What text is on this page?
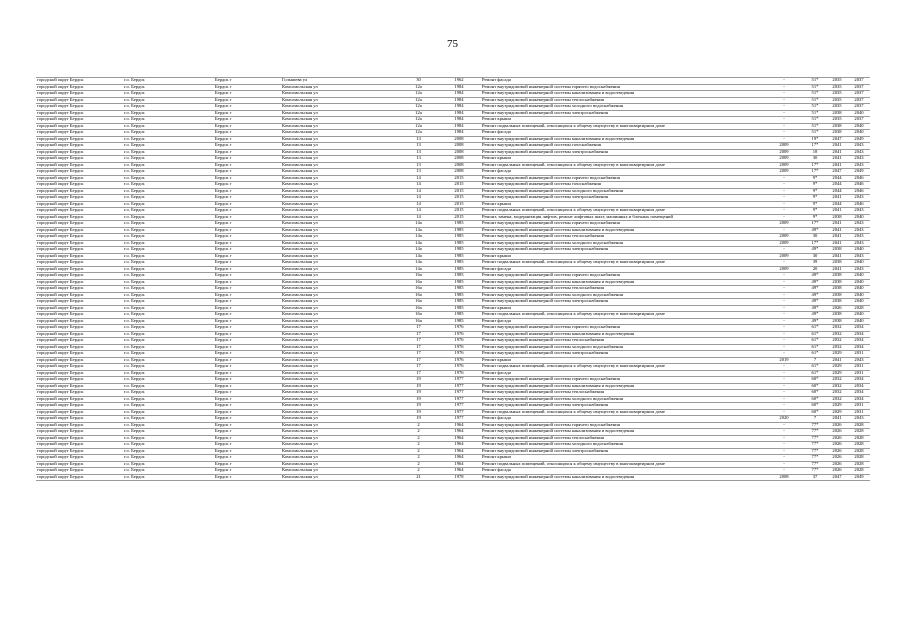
75
городской округ Бердск	г.о. Бердск	Бердск г	Голышева ул	30	1962	Ремонт фасада	-	51*	2035	2037
городской округ Бердск	г.о. Бердск	Бердск г	Комсомольская ул	12а	1984	Ремонт внутридомовой инженерной системы горячего водоснабжения	-	51*	2035	2037
городской округ Бердск	г.о. Бердск	Бердск г	Комсомольская ул	12а	1984	Ремонт внутридомовой инженерной системы канализования и водоотведения	-	51*	2035	2037
городской округ Бердск	г.о. Бердск	Бердск г	Комсомольская ул	12а	1984	Ремонт внутридомовой инженерной системы теплоснабжения	-	51*	2035	2037
городской округ Бердск	г.о. Бердск	Бердск г	Комсомольская ул	12а	1984	Ремонт внутридомовой инженерной системы холодного водоснабжения	-	51*	2035	2037
городской округ Бердск	г.о. Бердск	Бердск г	Комсомольская ул	12а	1984	Ремонт внутридомовой инженерной системы электроснабжения	-	51*	2038	2040
городской округ Бердск	г.о. Бердск	Бердск г	Комсомольская ул	12а	1984	Ремонт крыши	-	51*	2035	2037
городской округ Бердск	г.о. Бердск	Бердск г	Комсомольская ул	12а	1984	Ремонт подвальных помещений, относящихся к общему имуществу в многоквартирном доме	-	51*	2038	2040
городской округ Бердск	г.о. Бердск	Бердск г	Комсомольская ул	12а	1984	Ремонт фасада	-	51*	2038	2040
городской округ Бердск	г.о. Бердск	Бердск г	Комсомольская ул	13	2008	Ремонт внутридомовой инженерной системы канализования и водоотведения	-	19*	2047	2049
городской округ Бердск	г.о. Бердск	Бердск г	Комсомольская ул	13	2008	Ремонт внутридомовой инженерной системы газоснабжения	2009	17*	2041	2043
городской округ Бердск	г.о. Бердск	Бердск г	Комсомольская ул	13	2008	Ремонт внутридомовой инженерной системы электроснабжения	2009	18	2041	2043
городской округ Бердск	г.о. Бердск	Бердск г	Комсомольская ул	13	2008	Ремонт крыши	2009	30	2041	2043
городской округ Бердск	г.о. Бердск	Бердск г	Комсомольская ул	13	2008	Ремонт подвальных помещений, относящихся к общему имуществу в многоквартирном доме	2009	17*	2041	2043
городской округ Бердск	г.о. Бердск	Бердск г	Комсомольская ул	13	2008	Ремонт фасада	2009	17*	2047	2049
городской округ Бердск	г.о. Бердск	Бердск г	Комсомольская ул	14	2015	Ремонт внутридомовой инженерной системы горячего водоснабжения	-	9*	2044	2046
городской округ Бердск	г.о. Бердск	Бердск г	Комсомольская ул	14	2015	Ремонт внутридомовой инженерной системы газоснабжения	-	9*	2044	2046
городской округ Бердск	г.о. Бердск	Бердск г	Комсомольская ул	14	2015	Ремонт внутридомовой инженерной системы холодного водоснабжения	-	9*	2044	2046
городской округ Бердск	г.о. Бердск	Бердск г	Комсомольская ул	14	2015	Ремонт внутридомовой инженерной системы электроснабжения	-	9*	2041	2043
городской округ Бердск	г.о. Бердск	Бердск г	Комсомольская ул	14	2015	Ремонт крыши	-	9*	2044	2046
городской округ Бердск	г.о. Бердск	Бердск г	Комсомольская ул	14	2015	Ремонт подвальных помещений, относящихся к общему имуществу в многоквартирном доме	-	9*	2041	2043
городской округ Бердск	г.о. Бердск	Бердск г	Комсомольская ул	14	2015	Ремонт, замена, модернизация лифтов, ремонт лифтовых шахт, машинных и блочных помещений	-	9*	2038	2040
городской округ Бердск	г.о. Бердск	Бердск г	Комсомольская ул	14а	1985	Ремонт внутридомовой инженерной системы горячего водоснабжения	2009	17*	2041	2043
городской округ Бердск	г.о. Бердск	Бердск г	Комсомольская ул	14а	1985	Ремонт внутридомовой инженерной системы канализования и водоотведения	-	49*	2041	2043
городской округ Бердск	г.о. Бердск	Бердск г	Комсомольская ул	14а	1985	Ремонт внутридомовой инженерной системы теплоснабжения	2009	30	2041	2043
городской округ Бердск	г.о. Бердск	Бердск г	Комсомольская ул	14а	1985	Ремонт внутридомовой инженерной системы холодного водоснабжения	2009	17*	2041	2043
городской округ Бердск	г.о. Бердск	Бердск г	Комсомольская ул	14а	1985	Ремонт внутридомовой инженерной системы электроснабжения	-	49*	2038	2040
городской округ Бердск	г.о. Бердск	Бердск г	Комсомольская ул	14а	1985	Ремонт крыши	2009	30	2041	2043
городской округ Бердск	г.о. Бердск	Бердск г	Комсомольская ул	14а	1985	Ремонт подвальных помещений, относящихся к общему имуществу в многоквартирном доме	-	39	2038	2040
городской округ Бердск	г.о. Бердск	Бердск г	Комсомольская ул	14а	1985	Ремонт фасада	2009	20	2041	2043
городской округ Бердск	г.о. Бердск	Бердск г	Комсомольская ул	16а	1985	Ремонт внутридомовой инженерной системы горячего водоснабжения	-	49*	2038	2040
городской округ Бердск	г.о. Бердск	Бердск г	Комсомольская ул	16а	1985	Ремонт внутридомовой инженерной системы канализования и водоотведения	-	49*	2038	2040
городской округ Бердск	г.о. Бердск	Бердск г	Комсомольская ул	16а	1985	Ремонт внутридомовой инженерной системы теплоснабжения	-	49*	2038	2040
городской округ Бердск	г.о. Бердск	Бердск г	Комсомольская ул	16а	1985	Ремонт внутридомовой инженерной системы холодного водоснабжения	-	49*	2038	2040
городской округ Бердск	г.о. Бердск	Бердск г	Комсомольская ул	16а	1985	Ремонт внутридомовой инженерной системы электроснабжения	-	49*	2038	2040
городской округ Бердск	г.о. Бердск	Бердск г	Комсомольская ул	16а	1985	Ремонт крыши	-	49*	2026	2028
городской округ Бердск	г.о. Бердск	Бердск г	Комсомольская ул	16а	1985	Ремонт подвальных помещений, относящихся к общему имуществу в многоквартирном доме	-	49*	2038	2040
городской округ Бердск	г.о. Бердск	Бердск г	Комсомольская ул	16а	1985	Ремонт фасада	-	49*	2038	2040
городской округ Бердск	г.о. Бердск	Бердск г	Комсомольская ул	17	1976	Ремонт внутридомовой инженерной системы горячего водоснабжения	-	61*	2032	2034
городской округ Бердск	г.о. Бердск	Бердск г	Комсомольская ул	17	1976	Ремонт внутридомовой инженерной системы канализования и водоотведения	-	61*	2032	2034
городской округ Бердск	г.о. Бердск	Бердск г	Комсомольская ул	17	1976	Ремонт внутридомовой инженерной системы теплоснабжения	-	61*	2032	2034
городской округ Бердск	г.о. Бердск	Бердск г	Комсомольская ул	17	1976	Ремонт внутридомовой инженерной системы холодного водоснабжения	-	61*	2032	2034
городской округ Бердск	г.о. Бердск	Бердск г	Комсомольская ул	17	1976	Ремонт внутридомовой инженерной системы электроснабжения	-	61*	2029	2031
городской округ Бердск	г.о. Бердск	Бердск г	Комсомольская ул	17	1976	Ремонт крыши	2019	7	2041	2043
городской округ Бердск	г.о. Бердск	Бердск г	Комсомольская ул	17	1976	Ремонт подвальных помещений, относящихся к общему имуществу в многоквартирном доме	-	61*	2029	2031
городской округ Бердск	г.о. Бердск	Бердск г	Комсомольская ул	17	1976	Ремонт фасада	-	61*	2029	2031
городской округ Бердск	г.о. Бердск	Бердск г	Комсомольская ул	19	1977	Ремонт внутридомовой инженерной системы горячего водоснабжения	-	60*	2032	2034
городской округ Бердск	г.о. Бердск	Бердск г	Комсомольская ул	19	1977	Ремонт внутридомовой инженерной системы канализования и водоотведения	-	60*	2032	2034
городской округ Бердск	г.о. Бердск	Бердск г	Комсомольская ул	19	1977	Ремонт внутридомовой инженерной системы теплоснабжения	-	60*	2032	2034
городской округ Бердск	г.о. Бердск	Бердск г	Комсомольская ул	19	1977	Ремонт внутридомовой инженерной системы холодного водоснабжения	-	60*	2032	2034
городской округ Бердск	г.о. Бердск	Бердск г	Комсомольская ул	19	1977	Ремонт внутридомовой инженерной системы электроснабжения	-	60*	2029	2031
городской округ Бердск	г.о. Бердск	Бердск г	Комсомольская ул	19	1977	Ремонт подвальных помещений, относящихся к общему имуществу в многоквартирном доме	-	60*	2029	2031
городской округ Бердск	г.о. Бердск	Бердск г	Комсомольская ул	19	1977	Ремонт фасада	2020	7	2041	2043
городской округ Бердск	г.о. Бердск	Бердск г	Комсомольская ул	2	1964	Ремонт внутридомовой инженерной системы горячего водоснабжения	-	77*	2026	2028
городской округ Бердск	г.о. Бердск	Бердск г	Комсомольская ул	2	1964	Ремонт внутридомовой инженерной системы канализования и водоотведения	-	77*	2026	2028
городской округ Бердск	г.о. Бердск	Бердск г	Комсомольская ул	2	1964	Ремонт внутридомовой инженерной системы теплоснабжения	-	77*	2026	2028
городской округ Бердск	г.о. Бердск	Бердск г	Комсомольская ул	2	1964	Ремонт внутридомовой инженерной системы холодного водоснабжения	-	77*	2026	2028
городской округ Бердск	г.о. Бердск	Бердск г	Комсомольская ул	2	1964	Ремонт внутридомовой инженерной системы электроснабжения	-	77*	2026	2028
городской округ Бердск	г.о. Бердск	Бердск г	Комсомольская ул	2	1964	Ремонт крыши	-	77*	2026	2028
городской округ Бердск	г.о. Бердск	Бердск г	Комсомольская ул	2	1964	Ремонт подвальных помещений, относящихся к общему имуществу в многоквартирном доме	-	77*	2026	2028
городской округ Бердск	г.о. Бердск	Бердск г	Комсомольская ул	2	1964	Ремонт фасада	-	77*	2026	2028
городской округ Бердск	г.о. Бердск	Бердск г	Комсомольская ул	21	1978	Ремонт внутридомовой инженерной системы канализования и водоотведения	2008	37	2047	2049
